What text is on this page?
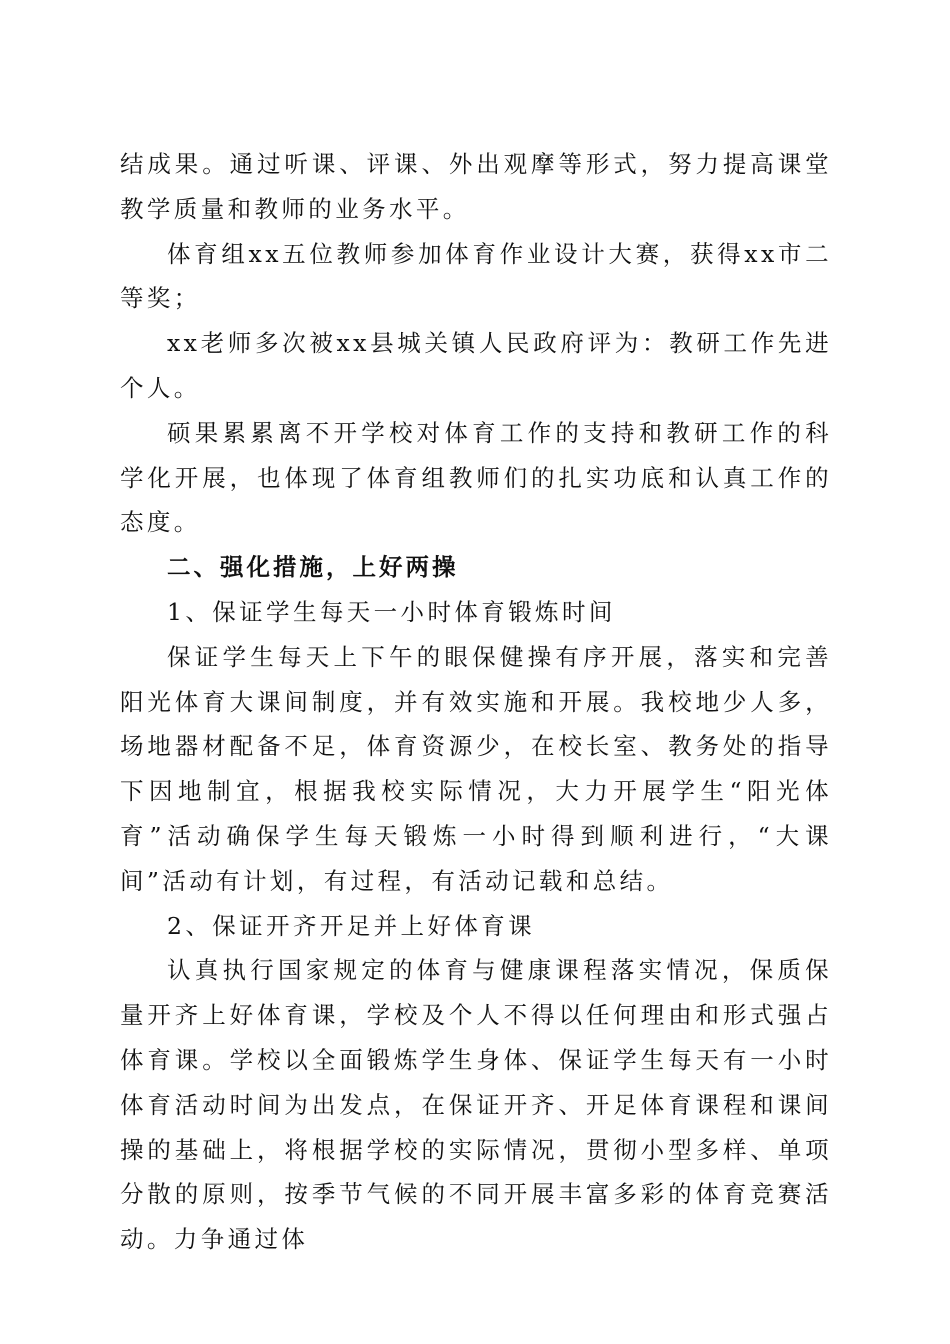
结成果。通过听课、评课、外出观摩等形式，努力提高课堂教学质量和教师的业务水平。

体育组xx五位教师参加体育作业设计大赛，获得xx市二等奖；

xx老师多次被xx县城关镇人民政府评为：教研工作先进个人。

硕果累累离不开学校对体育工作的支持和教研工作的科学化开展，也体现了体育组教师们的扎实功底和认真工作的态度。

二、强化措施，上好两操

1、保证学生每天一小时体育锻炼时间

保证学生每天上下午的眼保健操有序开展，落实和完善阳光体育大课间制度，并有效实施和开展。我校地少人多，场地器材配备不足，体育资源少，在校长室、教务处的指导下因地制宜，根据我校实际情况，大力开展学生“阳光体育”活动确保学生每天锻炼一小时得到顺利进行，“大课间”活动有计划，有过程，有活动记载和总结。

2、保证开齐开足并上好体育课

认真执行国家规定的体育与健康课程落实情况，保质保量开齐上好体育课，学校及个人不得以任何理由和形式强占体育课。学校以全面锻炼学生身体、保证学生每天有一小时体育活动时间为出发点，在保证开齐、开足体育课程和课间操的基础上，将根据学校的实际情况，贯彻小型多样、单项分散的原则，按季节气候的不同开展丰富多彩的体育竞赛活动。力争通过体
